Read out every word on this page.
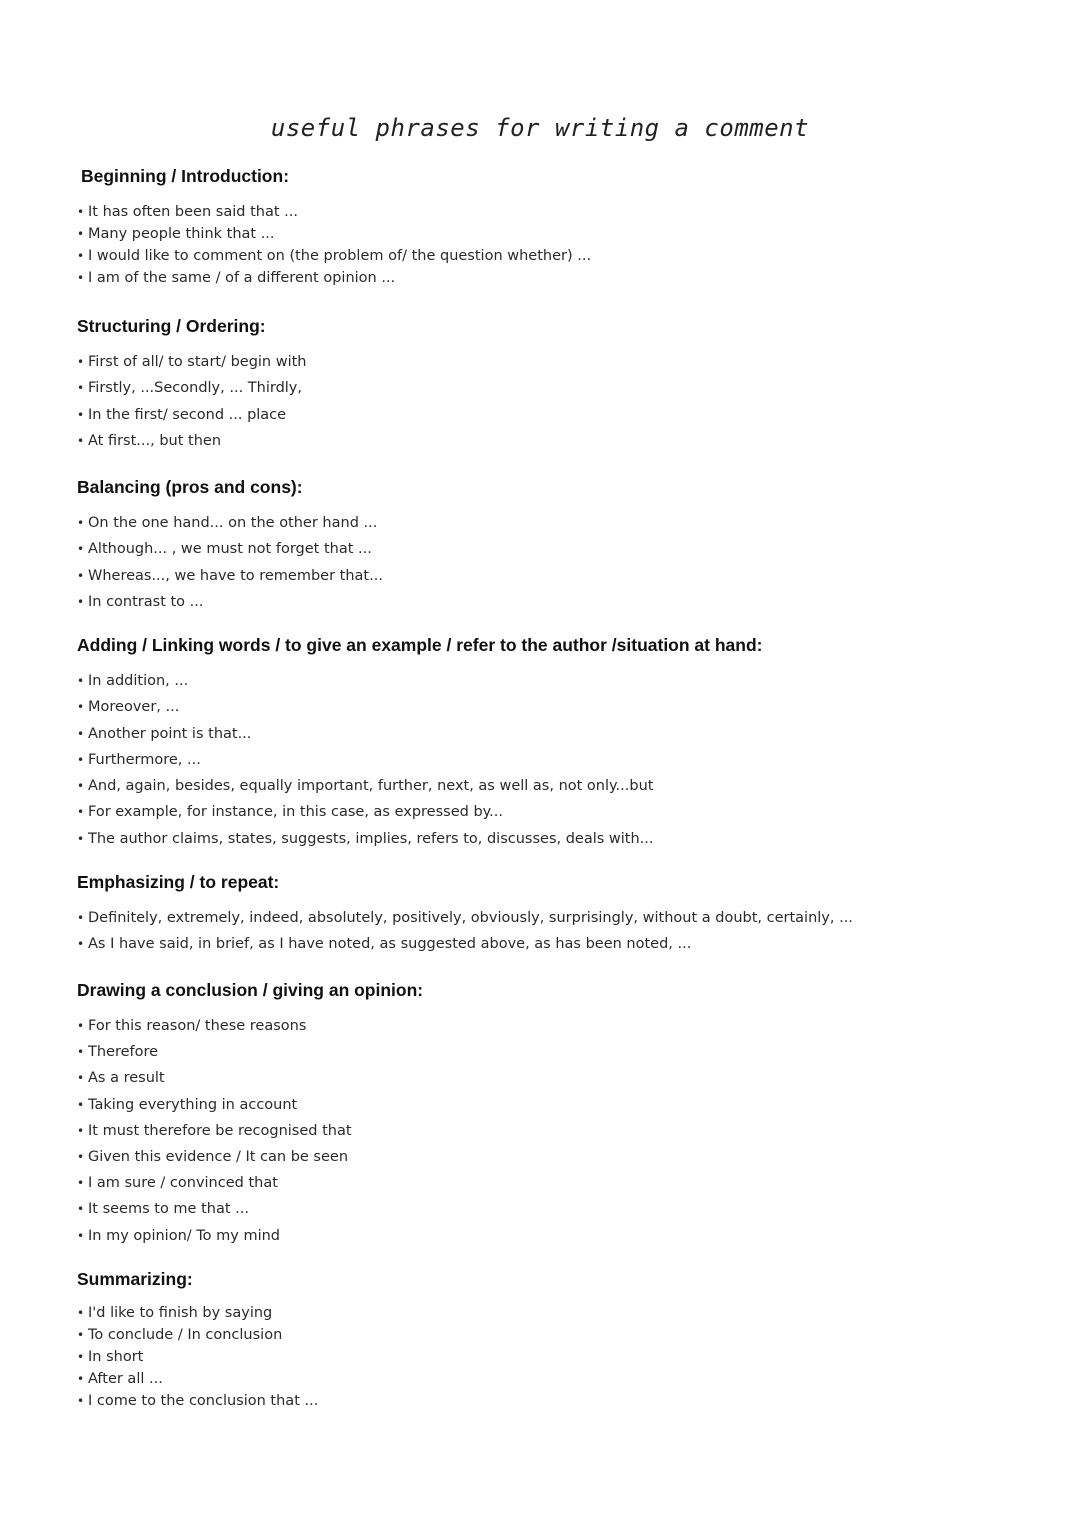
useful phrases for writing a comment
Beginning / Introduction:
• It has often been said that ...
• Many people think that ...
• I would like to comment on (the problem of/ the question whether) ...
• I am of the same / of a different opinion ...
Structuring / Ordering:
• First of all/ to start/ begin with
• Firstly, ...Secondly, ... Thirdly,
• In the first/ second ... place
• At first..., but then
Balancing (pros and cons):
• On the one hand... on the other hand ...
• Although... , we must not forget that ...
• Whereas..., we have to remember that...
• In contrast to ...
Adding / Linking words / to give an example / refer to the author /situation at hand:
• In addition, ...
• Moreover, ...
• Another point is that...
• Furthermore, ...
• And, again, besides, equally important, further, next, as well as, not only...but
• For example, for instance, in this case, as expressed by...
• The author claims, states, suggests, implies, refers to, discusses, deals with...
Emphasizing / to repeat:
• Definitely, extremely, indeed, absolutely, positively, obviously, surprisingly, without a doubt, certainly, ...
• As I have said, in brief, as I have noted, as suggested above, as has been noted, ...
Drawing a conclusion / giving an opinion:
• For this reason/ these reasons
• Therefore
• As a result
• Taking everything in account
• It must therefore be recognised that
• Given this evidence / It can be seen
• I am sure / convinced that
• It seems to me that ...
• In my opinion/ To my mind
Summarizing:
• I'd like to finish by saying
• To conclude / In conclusion
• In short
• After all ...
• I come to the conclusion that ...
